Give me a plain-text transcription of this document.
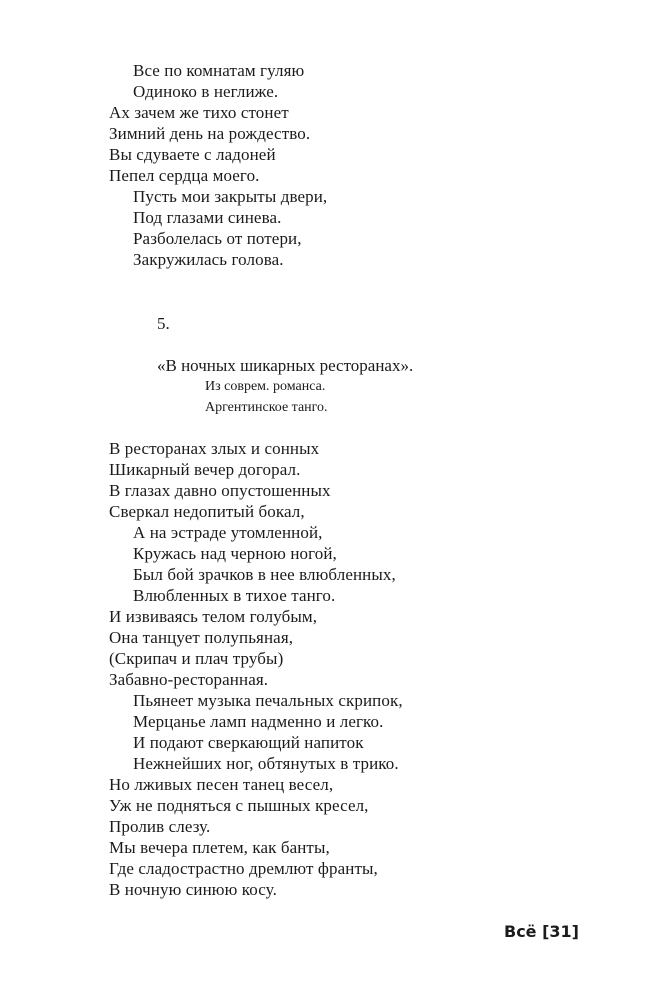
Все по комнатам гуляю
Одиноко в неглиже.
Ах зачем же тихо стонет
Зимний день на рождество.
Вы сдуваете с ладоней
Пепел сердца моего.
Пусть мои закрыты двери,
Под глазами синева.
Разболелась от потери,
Закружилась голова.
5.
«В ночных шикарных ресторанах».
Из соврем. романса.
Аргентинское танго.
В ресторанах злых и сонных
Шикарный вечер догорал.
В глазах давно опустошенных
Сверкал недопитый бокал,
А на эстраде утомленной,
Кружась над черною ногой,
Был бой зрачков в нее влюбленных,
Влюбленных в тихое танго.
И извиваясь телом голубым,
Она танцует полупьяная,
(Скрипач и плач трубы)
Забавно-ресторанная.
Пьянеет музыка печальных скрипок,
Мерцанье ламп надменно и легко.
И подают сверкающий напиток
Нежнейших ног, обтянутых в трико.
Но лживых песен танец весел,
Уж не подняться с пышных кресел,
Пролив слезу.
Мы вечера плетем, как банты,
Где сладострастно дремлют франты,
В ночную синюю косу.
Всё [31]
